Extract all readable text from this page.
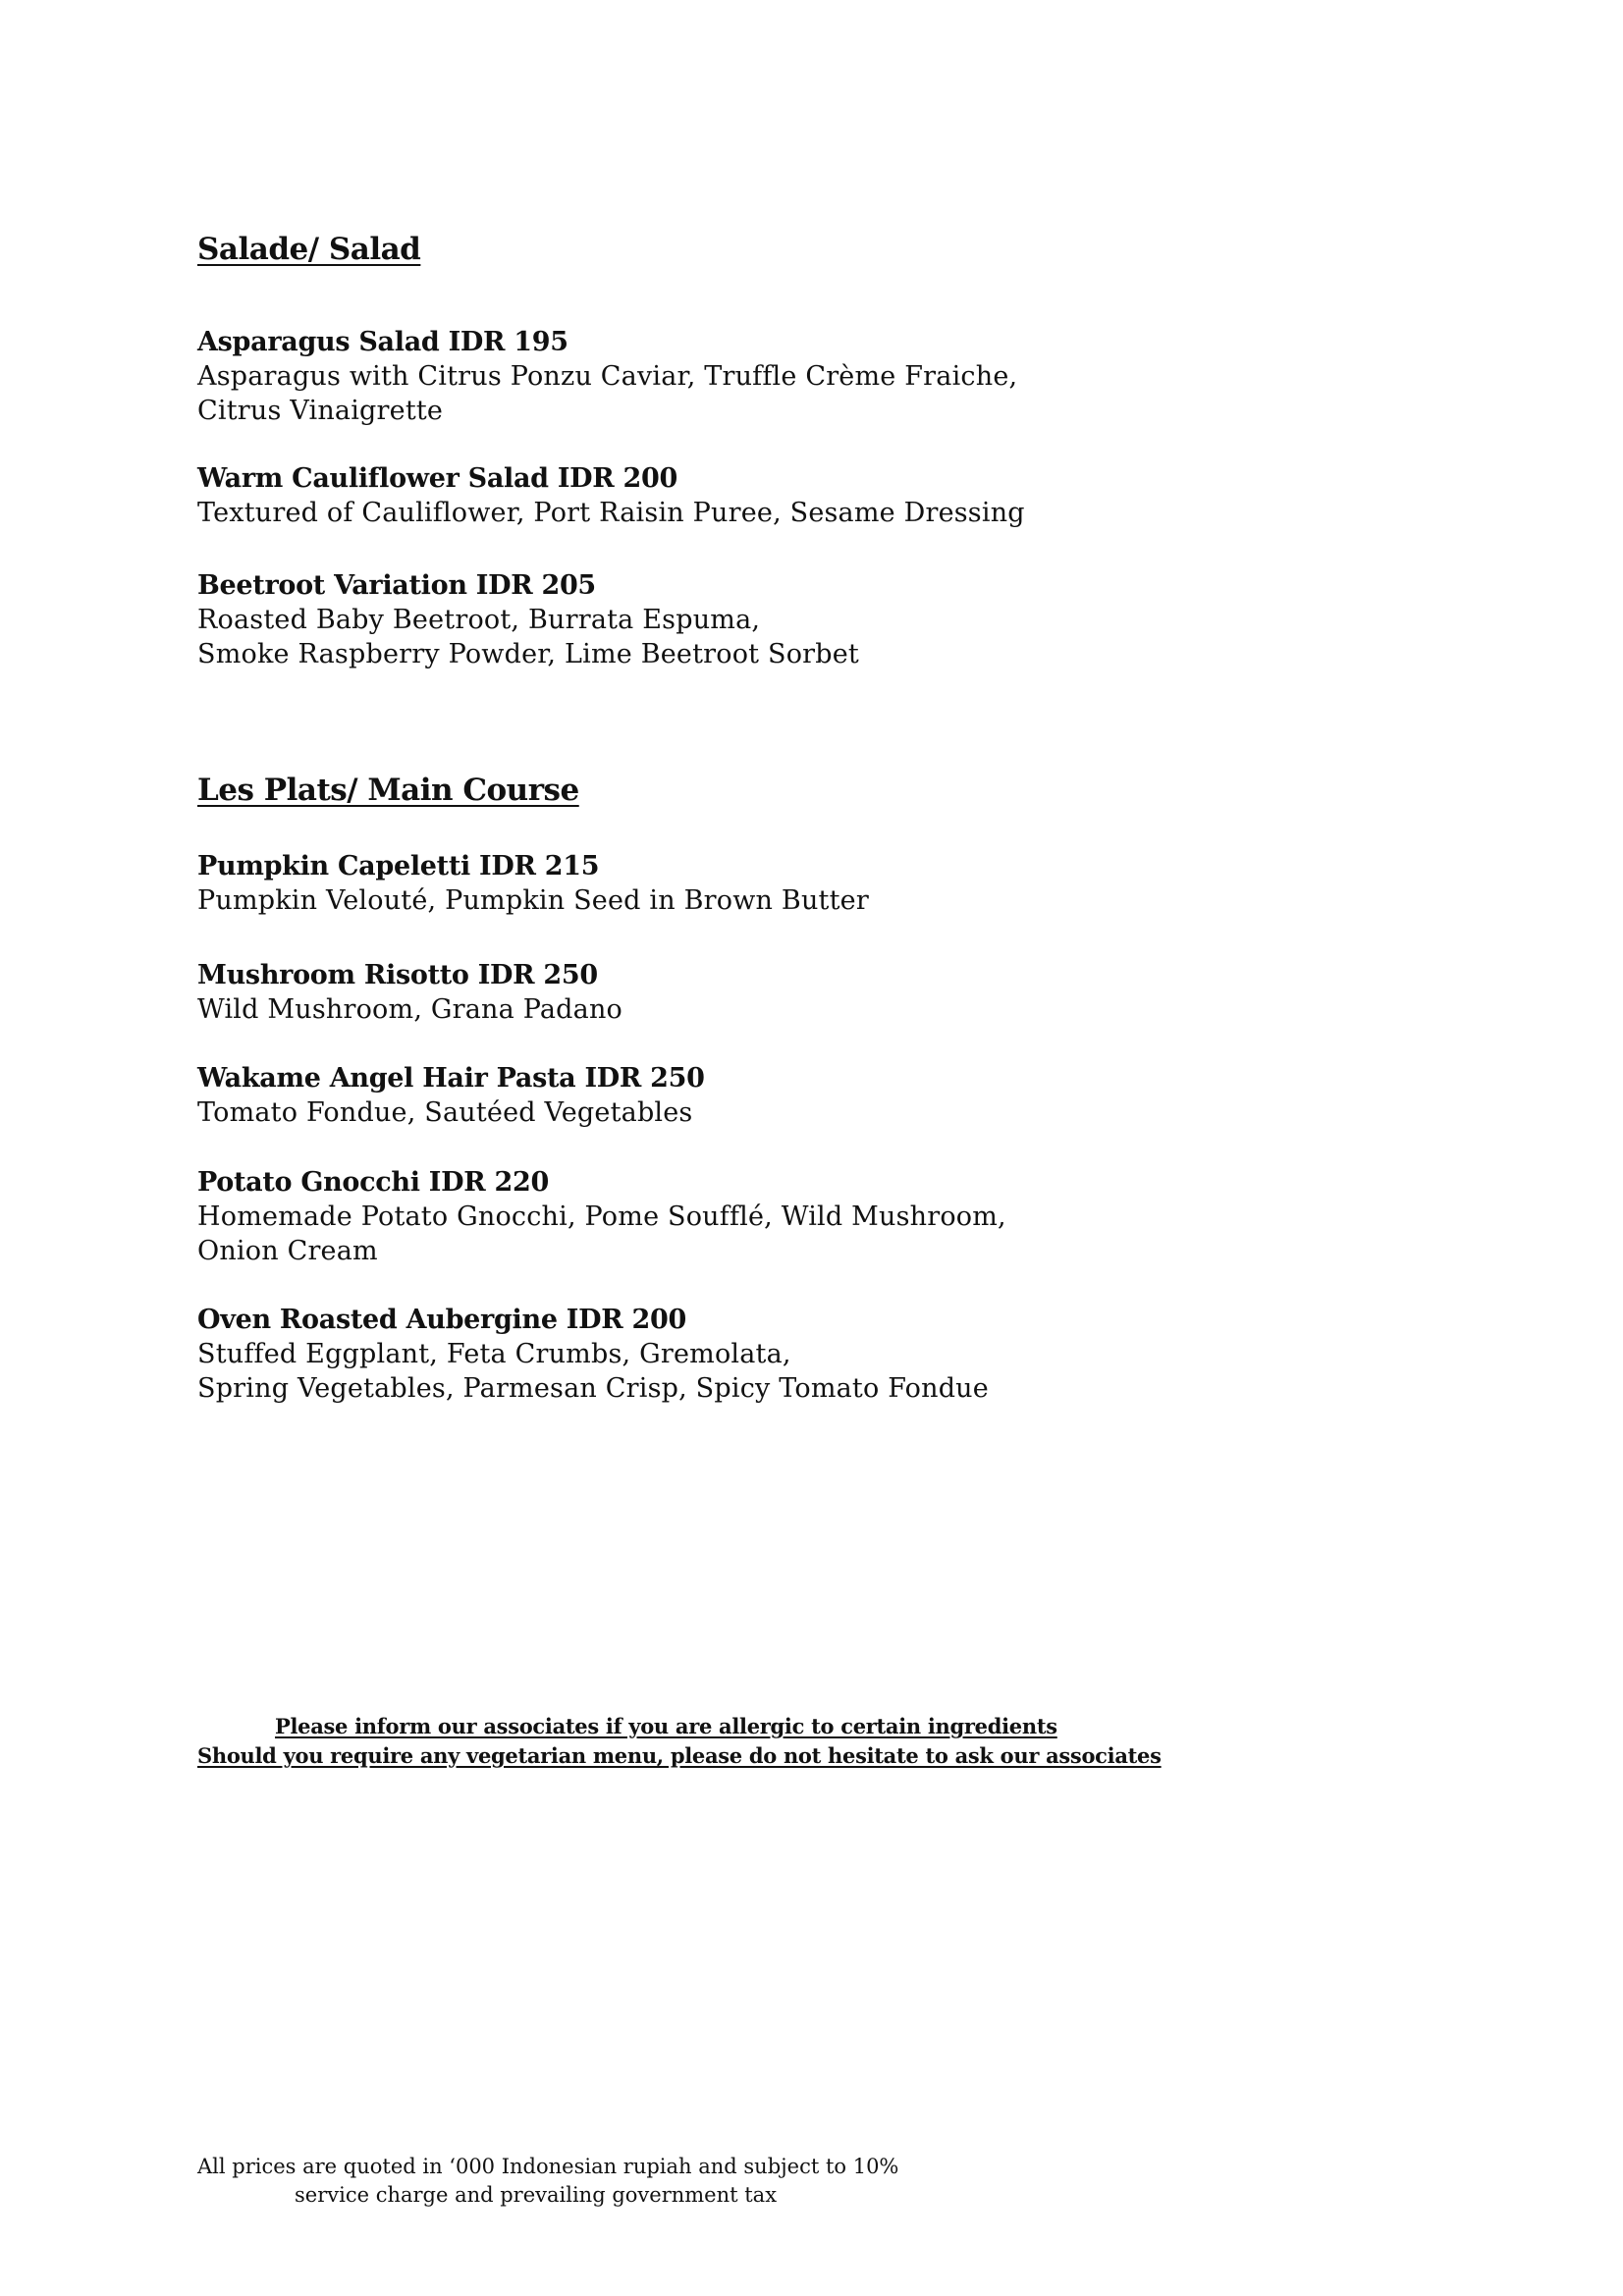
Salade/ Salad
Asparagus Salad IDR 195
Asparagus with Citrus Ponzu Caviar, Truffle Crème Fraiche,
Citrus Vinaigrette
Warm Cauliflower Salad IDR 200
Textured of Cauliflower, Port Raisin Puree, Sesame Dressing
Beetroot Variation IDR 205
Roasted Baby Beetroot, Burrata Espuma,
Smoke Raspberry Powder, Lime Beetroot Sorbet
Les Plats/ Main Course
Pumpkin Capeletti IDR 215
Pumpkin Velouté, Pumpkin Seed in Brown Butter
Mushroom Risotto IDR 250
Wild Mushroom, Grana Padano
Wakame Angel Hair Pasta IDR 250
Tomato Fondue, Sautéed Vegetables
Potato Gnocchi IDR 220
Homemade Potato Gnocchi, Pome Soufflé, Wild Mushroom,
Onion Cream
Oven Roasted Aubergine IDR 200
Stuffed Eggplant, Feta Crumbs, Gremolata,
Spring Vegetables, Parmesan Crisp, Spicy Tomato Fondue
Please inform our associates if you are allergic to certain ingredients
Should you require any vegetarian menu, please do not hesitate to ask our associates
All prices are quoted in ‘000 Indonesian rupiah and subject to 10%
service charge and prevailing government tax
